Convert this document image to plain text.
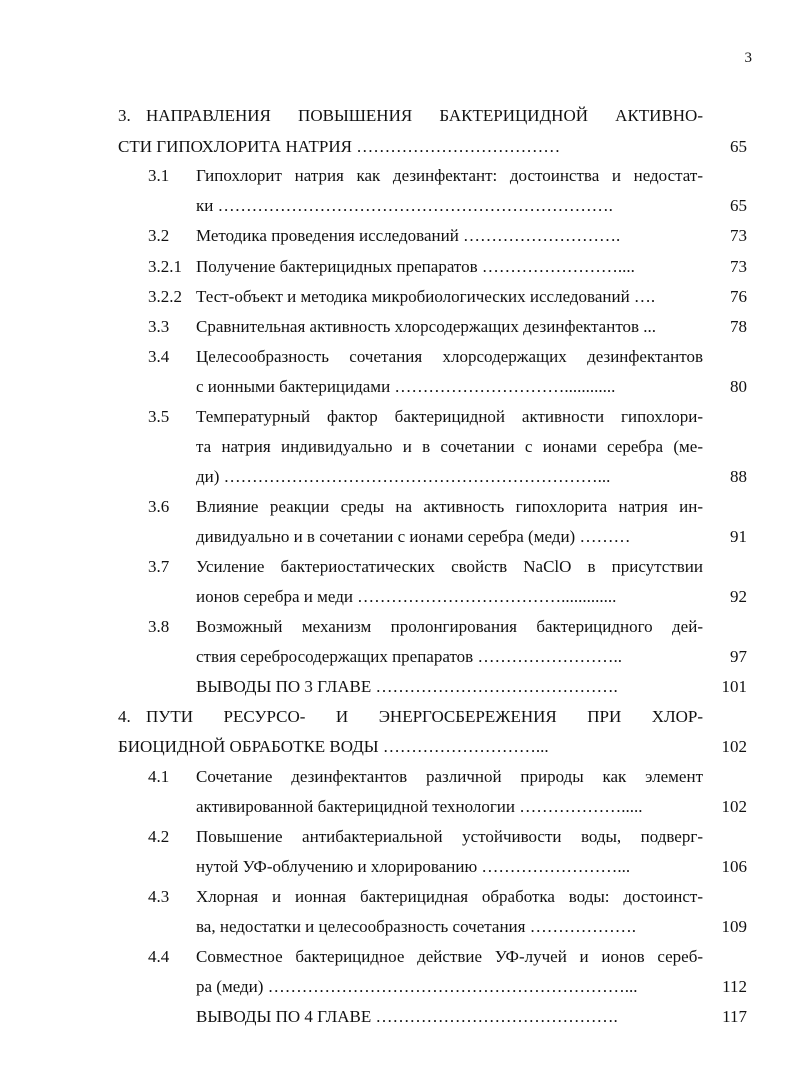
3
3. НАПРАВЛЕНИЯ ПОВЫШЕНИЯ БАКТЕРИЦИДНОЙ АКТИВНО-
СТИ ГИПОХЛОРИТА НАТРИЯ ………………………………	65
3.1 Гипохлорит натрия как дезинфектант: достоинства и недостат-
ки …………………………………………………………….	65
3.2 Методика проведения исследований ……………………….	73
3.2.1 Получение бактерицидных препаратов ……………………....	73
3.2.2 Тест-объект и методика микробиологических исследований ….	76
3.3 Сравнительная активность хлорсодержащих дезинфектантов ...	78
3.4 Целесообразность сочетания хлорсодержащих дезинфектантов
с ионными бактерицидами …………………………............	80
3.5 Температурный фактор бактерицидной активности гипохлори-
та натрия индивидуально и в сочетании с ионами серебра (ме-
ди) …………………………………………………………...	88
3.6 Влияние реакции среды на активность гипохлорита натрия ин-
дивидуально и в сочетании с ионами серебра (меди) ………	91
3.7 Усиление бактериостатических свойств NaClO в присутствии
ионов серебра и меди ……………………………….............	92
3.8 Возможный механизм пролонгирования бактерицидного дей-
ствия серебросодержащих препаратов ……………………..	97
ВЫВОДЫ ПО 3 ГЛАВЕ …………………………………….	101
4. ПУТИ РЕСУРСО- И ЭНЕРГОСБЕРЕЖЕНИЯ ПРИ ХЛОР-
БИОЦИДНОЙ ОБРАБОТКЕ ВОДЫ ………………………...	102
4.1 Сочетание дезинфектантов различной природы как элемент
активированной бактерицидной технологии ……………….....	102
4.2 Повышение антибактериальной устойчивости воды, подверг-
нутой УФ-облучению и хлорированию ……………………...	106
4.3 Хлорная и ионная бактерицидная обработка воды: достоинст-
ва, недостатки и целесообразность сочетания ……………….	109
4.4 Совместное бактерицидное действие УФ-лучей и ионов сереб-
ра (меди) ………………………………………………………...	112
ВЫВОДЫ ПО 4 ГЛАВЕ …………………………………….	117
